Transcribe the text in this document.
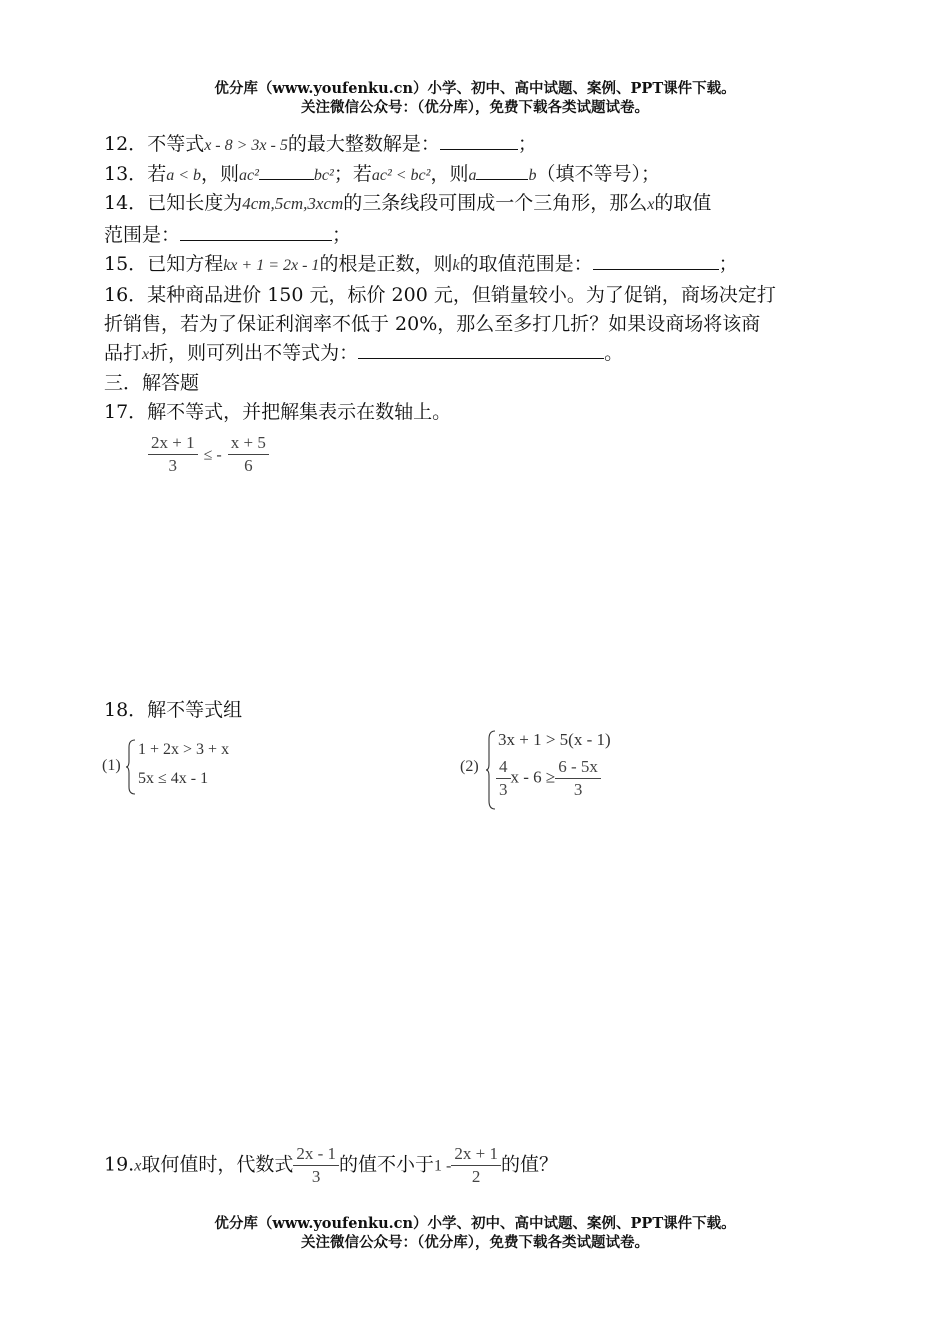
优分库（www.youfenku.cn）小学、初中、高中试题、案例、PPT课件下载。
关注微信公众号：（优分库），免费下载各类试题试卷。
12．不等式x - 8 > 3x - 5的最大整数解是：	；
13．若a < b，则ac²	bc²；若ac² < bc²，则a	b（填不等号）；
14．已知长度为4cm,5cm,3xcm的三条线段可围成一个三角形，那么x的取值
范围是：	；
15．已知方程kx + 1 = 2x - 1的根是正数，则k的取值范围是：	；
16．某种商品进价 150 元，标价 200 元，但销量较小。为了促销，商场决定打
折销售，若为了保证利润率不低于 20%，那么至多打几折？如果设商场将该商
品打x折，则可列出不等式为：	。
三．解答题
17．解不等式，并把解集表示在数轴上。
$\frac{2x + 1}{3}$ ≤ - $\frac{x + 5}{6}$
18．解不等式组
(1)
1 + 2x > 3 + x
5x ≤ 4x - 1
(2)
3x + 1 > 5(x - 1)
$\frac{4}{3}$ $x - 6 \ge \frac{6 - 5x}{3}$
19.x取何值时，代数式 $\frac{2x - 1}{3}$ 的值不小于$1 - \frac{2x + 1}{2}$ 的值？
优分库（www.youfenku.cn）小学、初中、高中试题、案例、PPT课件下载。
关注微信公众号：（优分库），免费下载各类试题试卷。
